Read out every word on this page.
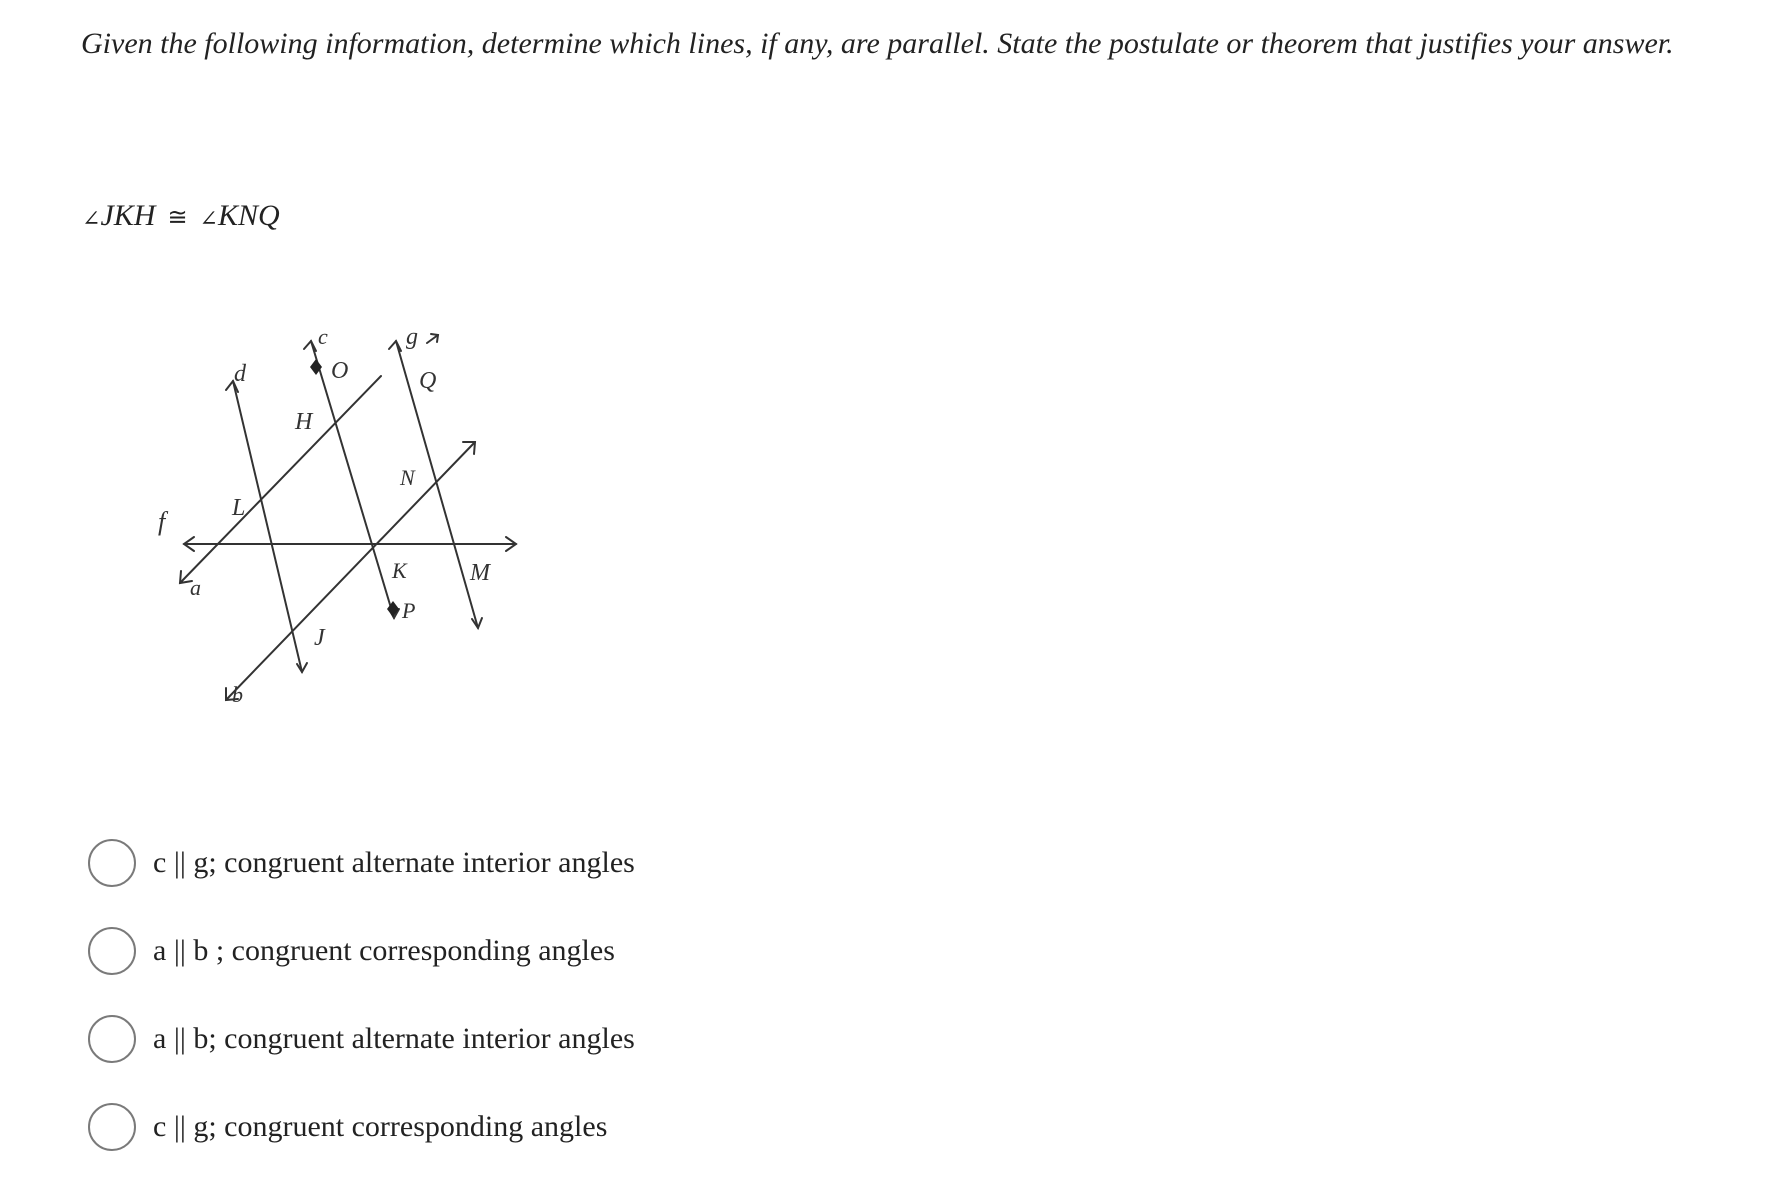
Given the following information, determine which lines, if any, are parallel. State the postulate or theorem that justifies your answer.

∠JKH ≅ ∠KNQ
f
a
b
d
c	g
O	Q
H
N
L
K	M
P
J
c || g; congruent alternate interior angles
a || b ; congruent corresponding angles
a || b; congruent alternate interior angles
c || g; congruent corresponding angles
